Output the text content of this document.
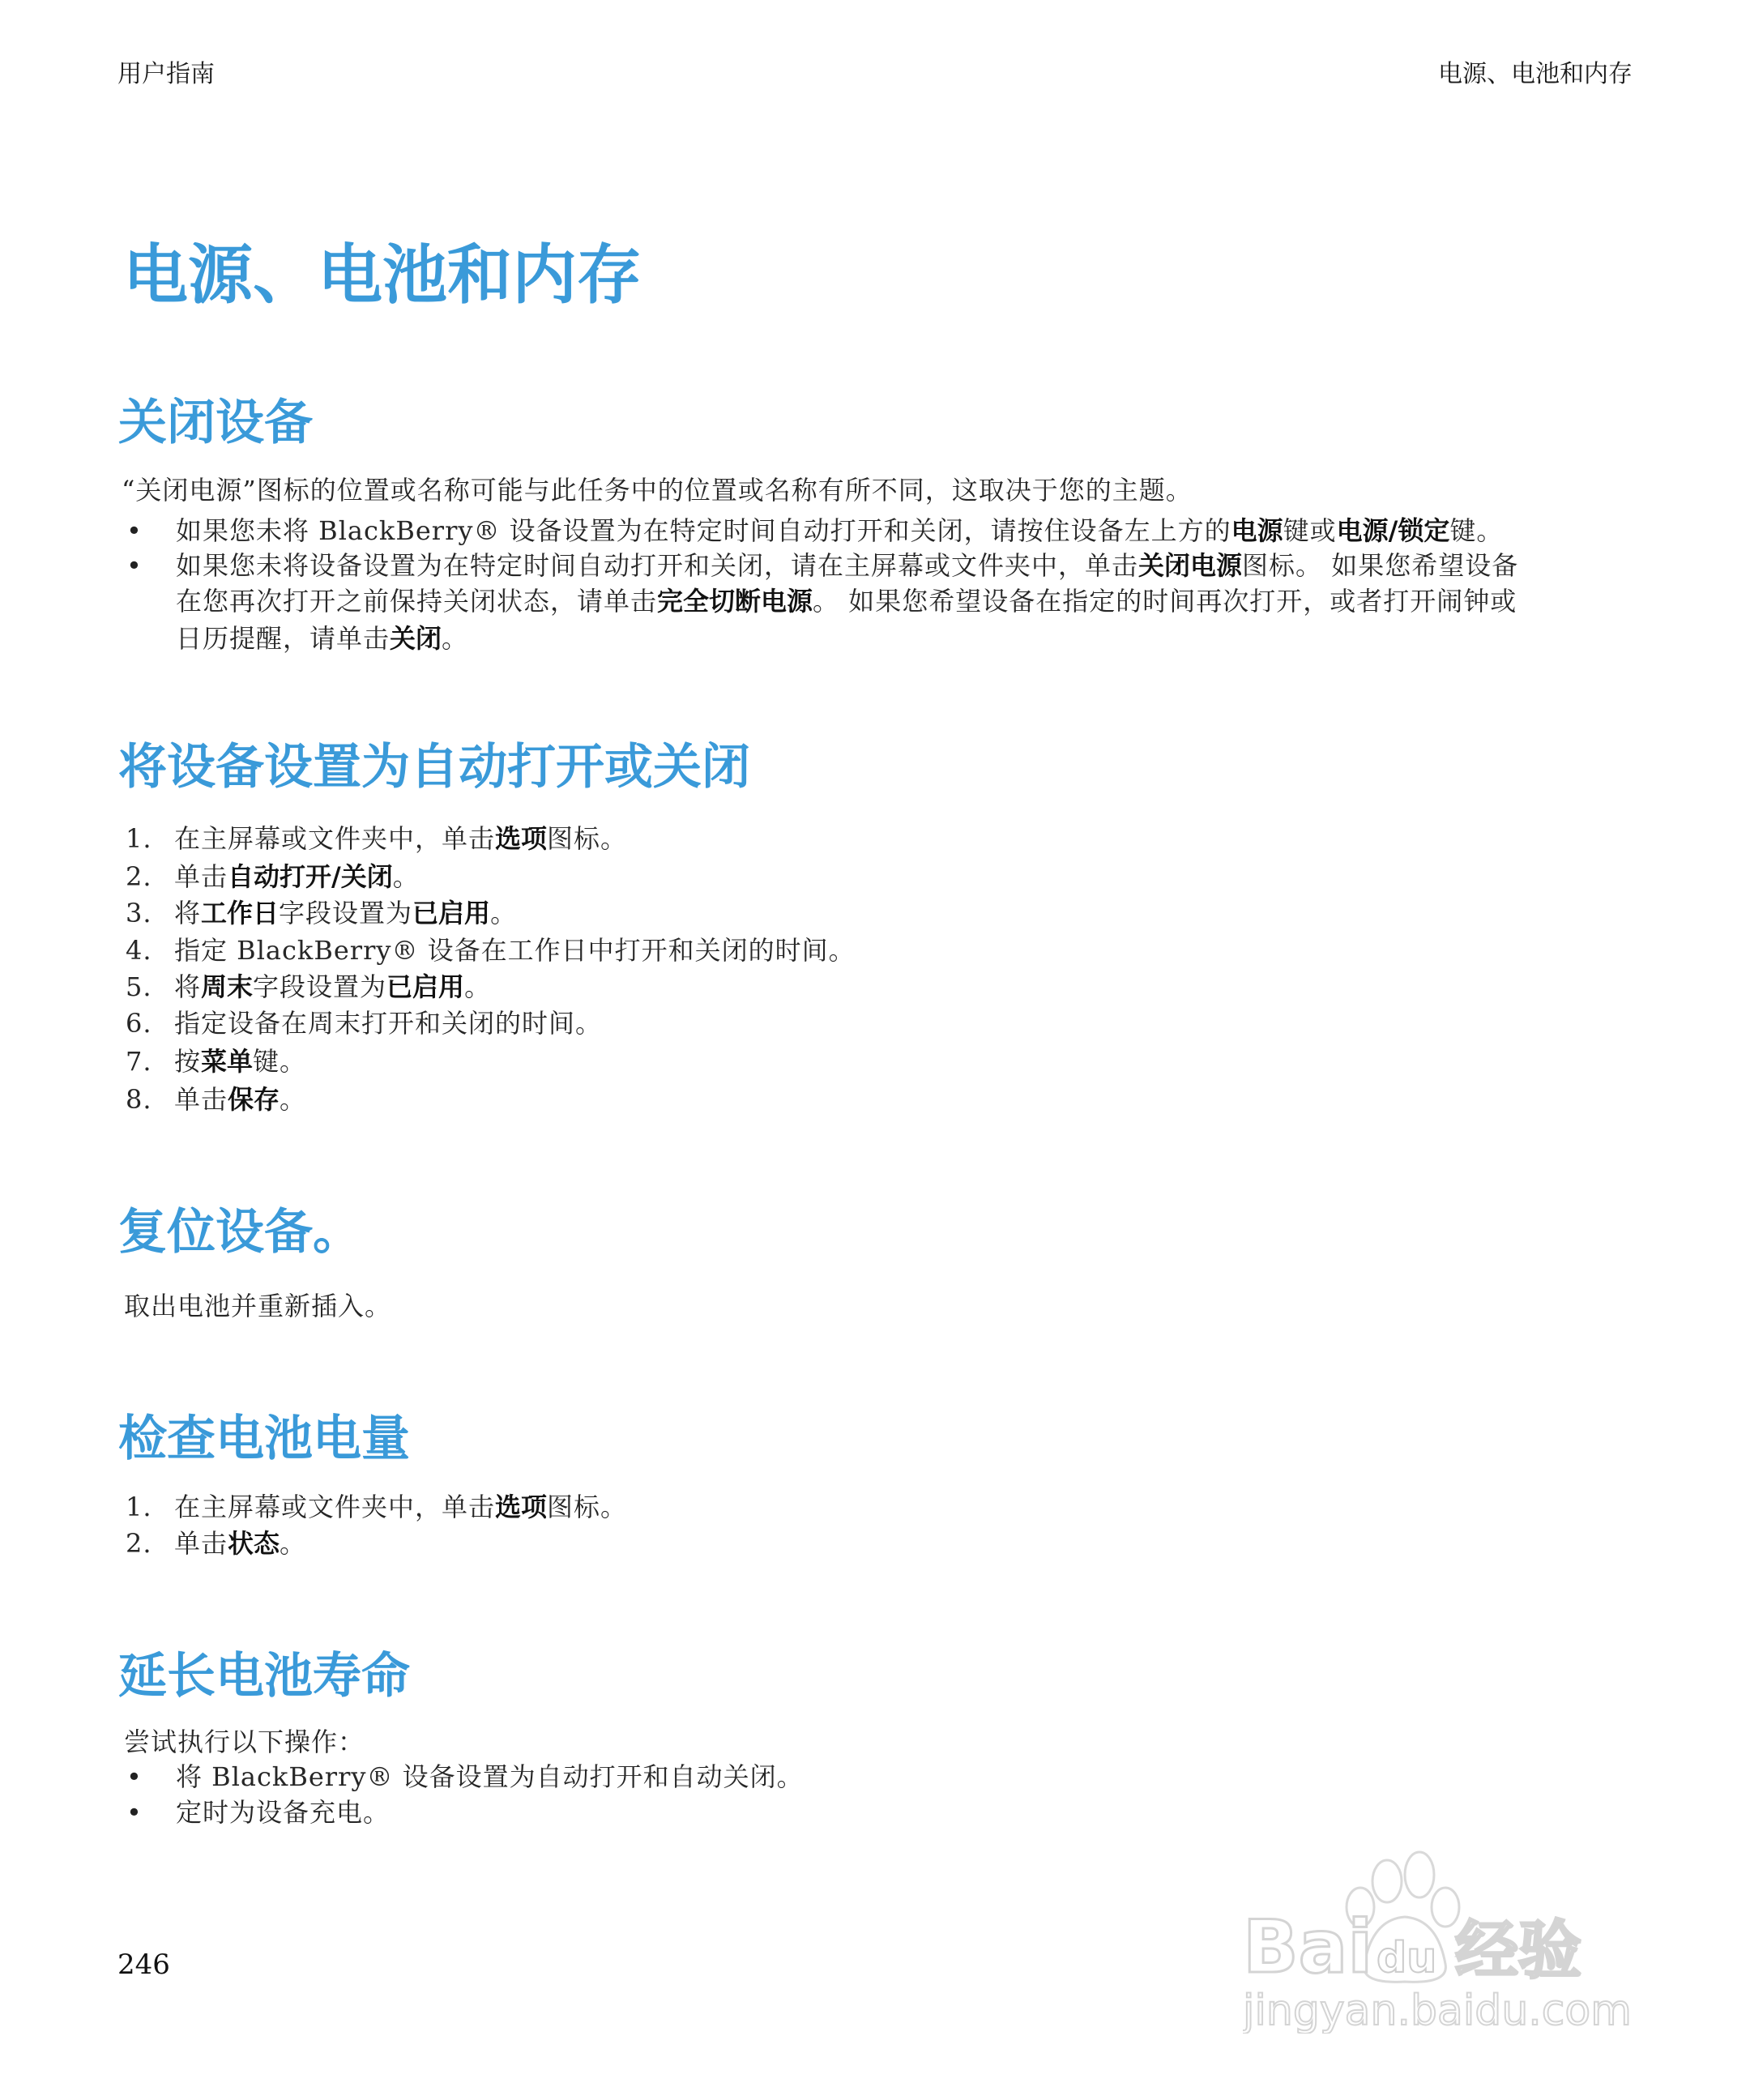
用户指南	电源、电池和内存
电源、电池和内存
关闭设备
“关闭电源”图标的位置或名称可能与此任务中的位置或名称有所不同，这取决于您的主题。
• 如果您未将 BlackBerry® 设备设置为在特定时间自动打开和关闭，请按住设备左上方的电源键或电源/锁定键。
• 如果您未将设备设置为在特定时间自动打开和关闭，请在主屏幕或文件夹中，单击关闭电源图标。 如果您希望设备
在您再次打开之前保持关闭状态，请单击完全切断电源。 如果您希望设备在指定的时间再次打开，或者打开闹钟或
日历提醒，请单击关闭。
将设备设置为自动打开或关闭
1. 在主屏幕或文件夹中，单击选项图标。
2. 单击自动打开/关闭。
3. 将工作日字段设置为已启用。
4. 指定 BlackBerry® 设备在工作日中打开和关闭的时间。
5. 将周末字段设置为已启用。
6. 指定设备在周末打开和关闭的时间。
7. 按菜单键。
8. 单击保存。
复位设备。
取出电池并重新插入。
检查电池电量
1. 在主屏幕或文件夹中，单击选项图标。
2. 单击状态。
延长电池寿命
尝试执行以下操作：
• 将 BlackBerry® 设备设置为自动打开和自动关闭。
• 定时为设备充电。
246	Bai du 经验
jingyan.baidu.com
